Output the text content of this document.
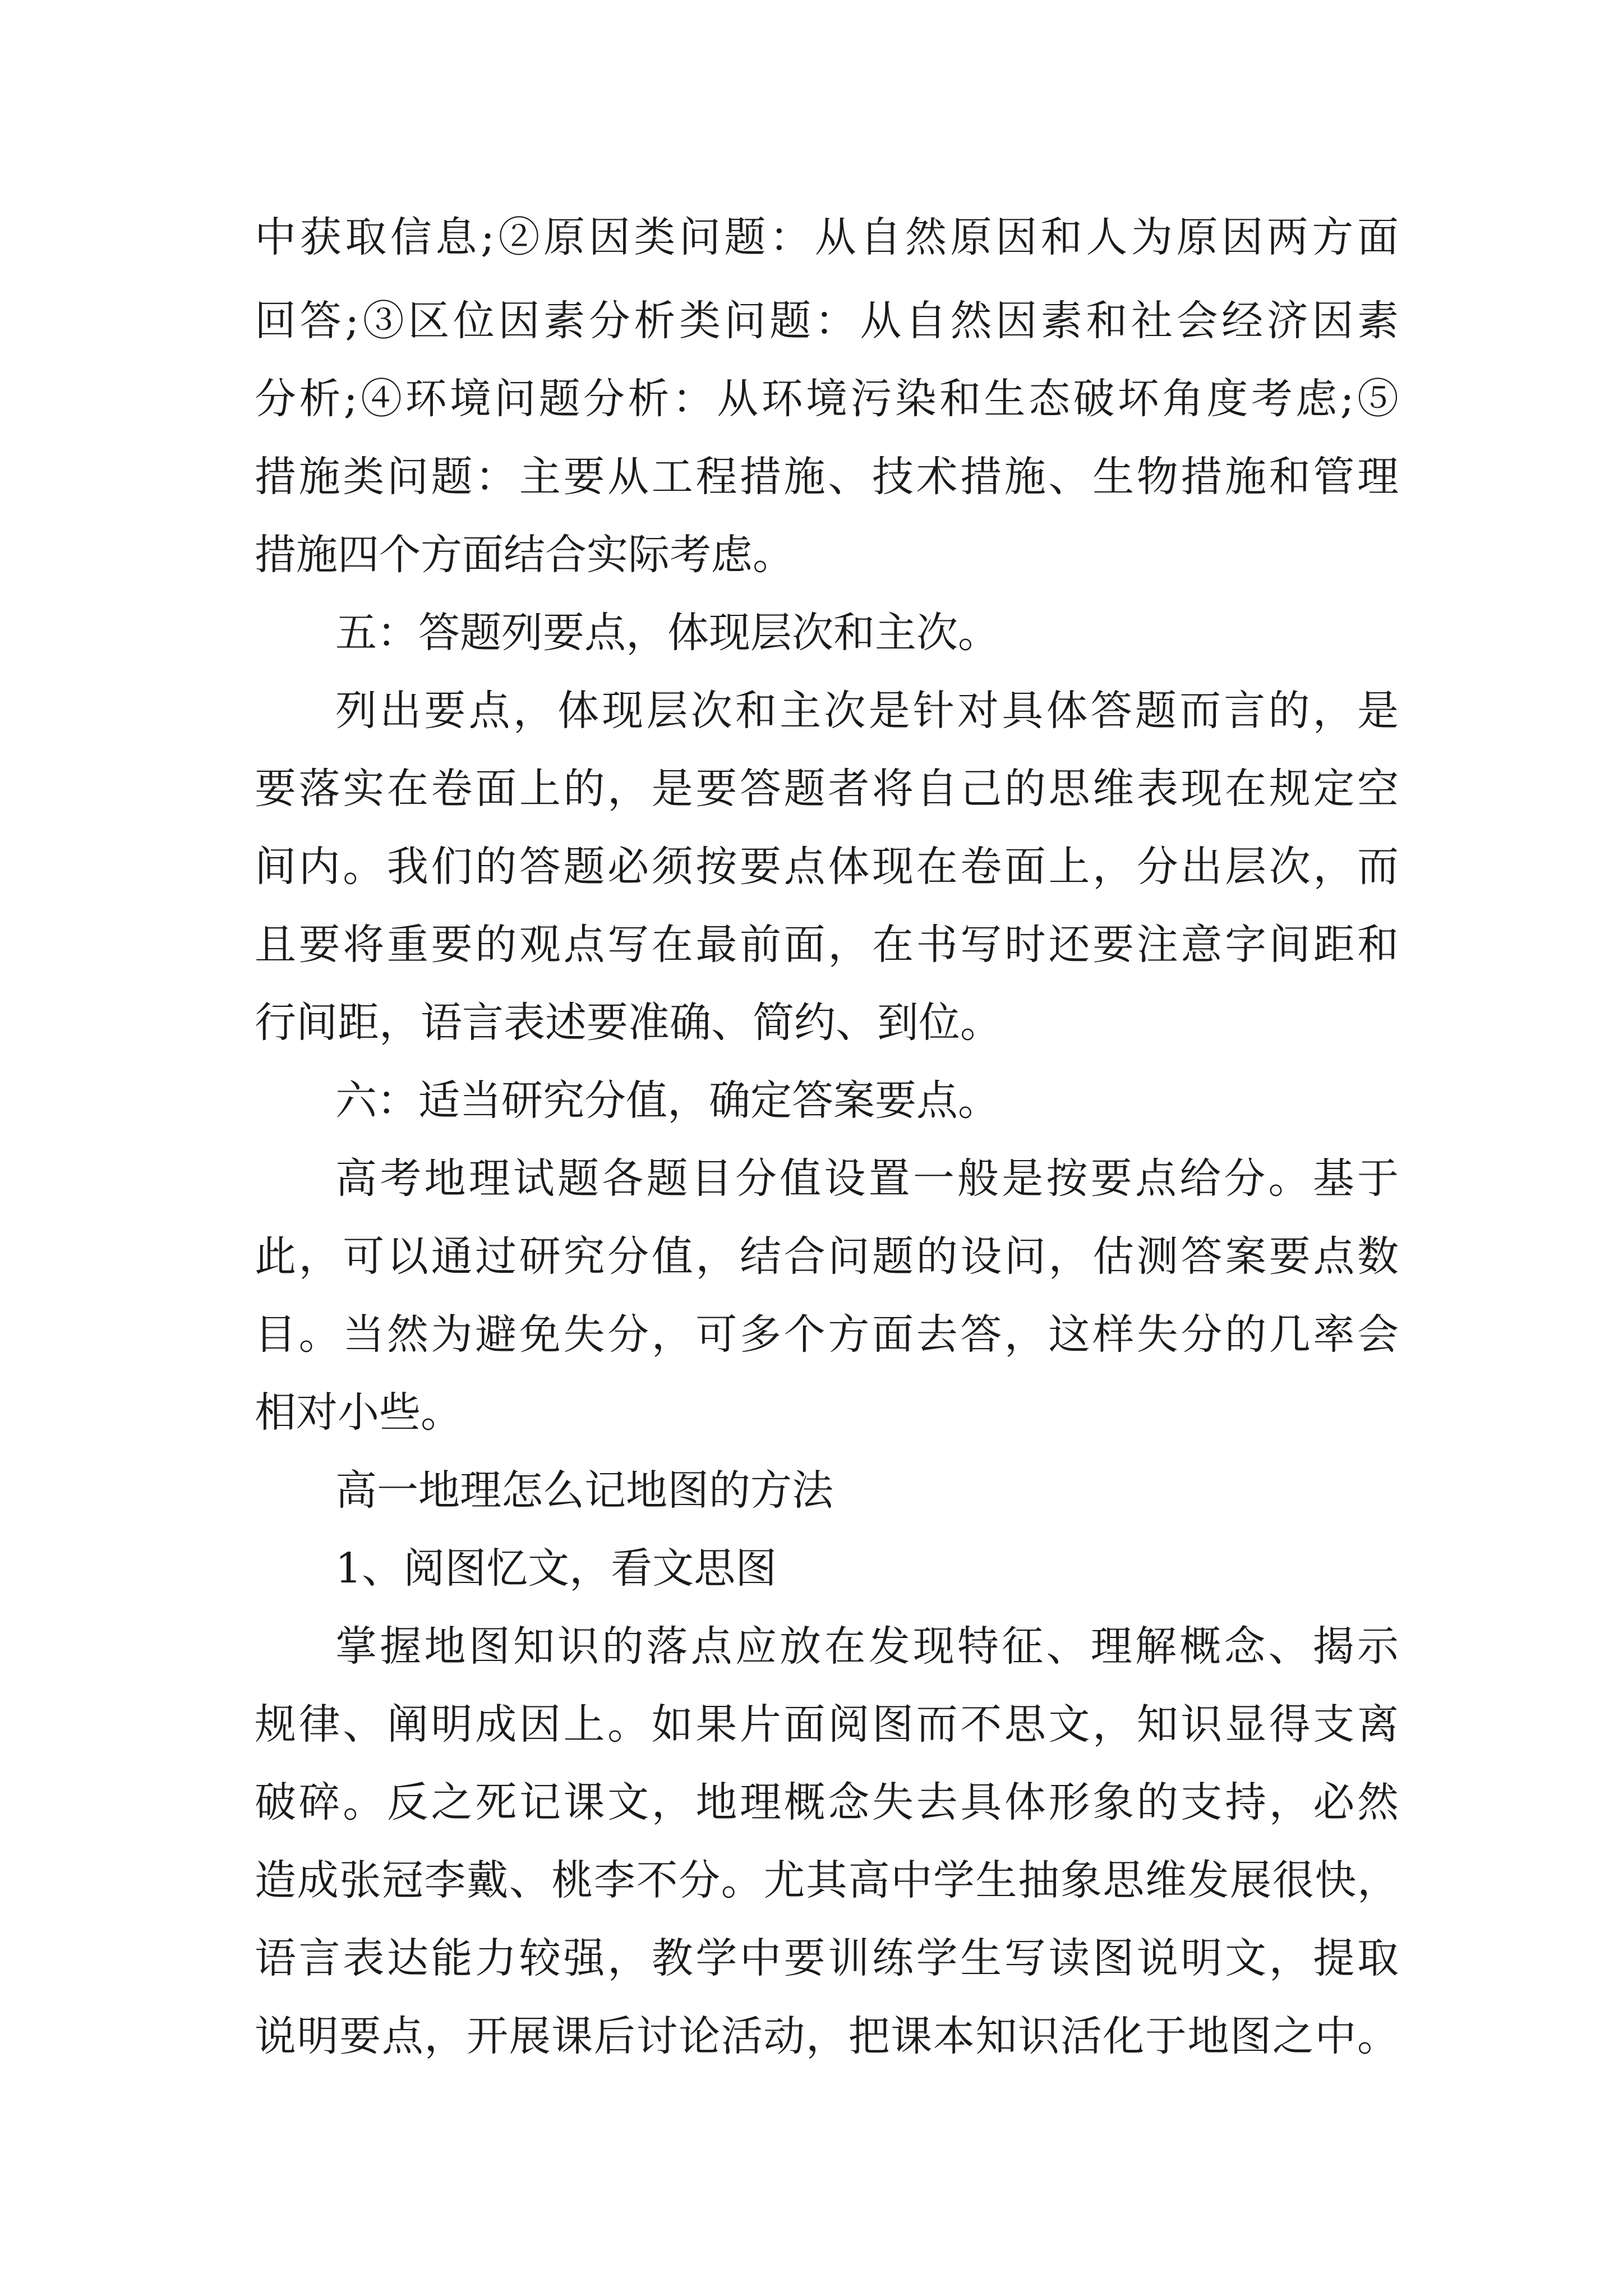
中获取信息;②原因类问题：从自然原因和人为原因两方面
回答;③区位因素分析类问题：从自然因素和社会经济因素
分析;④环境问题分析：从环境污染和生态破坏角度考虑;⑤
措施类问题：主要从工程措施、技术措施、生物措施和管理
措施四个方面结合实际考虑。
五：答题列要点，体现层次和主次。
列出要点，体现层次和主次是针对具体答题而言的，是
要落实在卷面上的，是要答题者将自己的思维表现在规定空
间内。我们的答题必须按要点体现在卷面上，分出层次，而
且要将重要的观点写在最前面，在书写时还要注意字间距和
行间距，语言表述要准确、简约、到位。
六：适当研究分值，确定答案要点。
高考地理试题各题目分值设置一般是按要点给分。基于
此，可以通过研究分值，结合问题的设问，估测答案要点数
目。当然为避免失分，可多个方面去答，这样失分的几率会
相对小些。
高一地理怎么记地图的方法
1、阅图忆文，看文思图
掌握地图知识的落点应放在发现特征、理解概念、揭示
规律、阐明成因上。如果片面阅图而不思文，知识显得支离
破碎。反之死记课文，地理概念失去具体形象的支持，必然
造成张冠李戴、桃李不分。尤其高中学生抽象思维发展很快，
语言表达能力较强，教学中要训练学生写读图说明文，提取
说明要点，开展课后讨论活动，把课本知识活化于地图之中。
